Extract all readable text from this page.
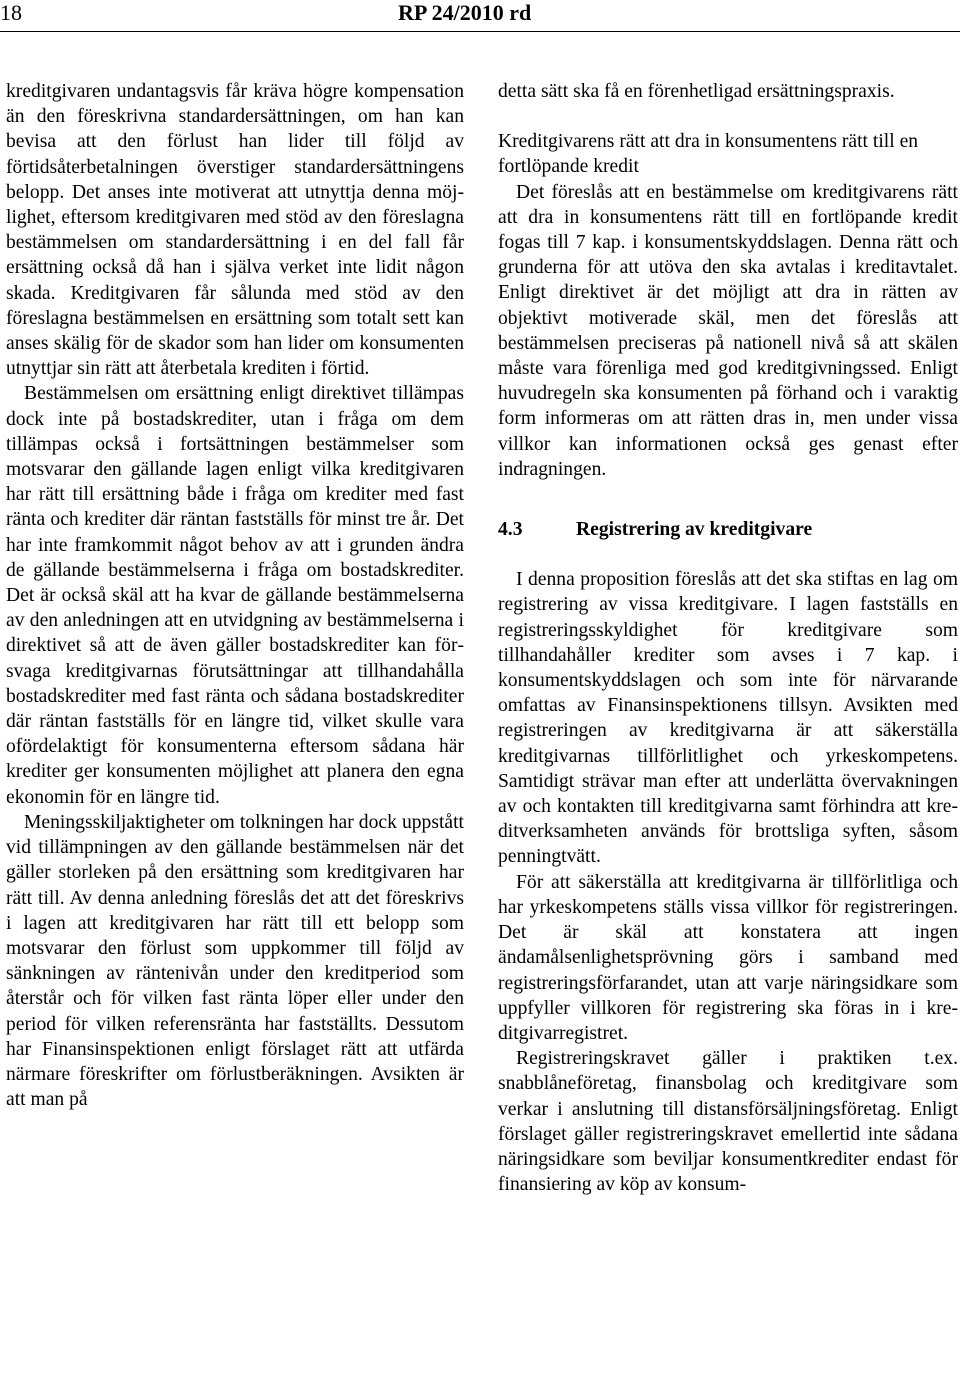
18	RP 24/2010 rd

kreditgivaren undantagsvis får kräva högre kompensation än den föreskrivna standardersättningen, om han kan bevisa att den förlust han lider till följd av förtidsåterbetalningen överstiger standardersättningens belopp. Det anses inte motiverat att utnyttja denna möjlighet, eftersom kreditgivaren med stöd av den föreslagna bestämmelsen om standardersättning i en del fall får ersättning också då han i själva verket inte lidit någon skada. Kreditgivaren får sålunda med stöd av den föreslagna bestämmelsen en ersättning som totalt sett kan anses skälig för de skador som han lider om konsumenten utnyttjar sin rätt att återbetala krediten i förtid.

Bestämmelsen om ersättning enligt direktivet tillämpas dock inte på bostadskrediter, utan i fråga om dem tillämpas också i fortsättningen bestämmelser som motsvarar den gällande lagen enligt vilka kreditgivaren har rätt till ersättning både i fråga om krediter med fast ränta och krediter där räntan fastställs för minst tre år. Det har inte framkommit något behov av att i grunden ändra de gällande bestämmelserna i fråga om bostadskrediter. Det är också skäl att ha kvar de gällande bestämmelserna av den anledningen att en utvidgning av bestämmelserna i direktivet så att de även gäller bostadskrediter kan försvaga kreditgivarnas förutsättningar att tillhandahålla bostadskrediter med fast ränta och sådana bostadskrediter där räntan fastställs för en längre tid, vilket skulle vara ofördelaktigt för konsumenterna eftersom sådana här krediter ger konsumenten möjlighet att planera den egna ekonomin för en längre tid.

Meningsskiljaktigheter om tolkningen har dock uppstått vid tillämpningen av den gällande bestämmelsen när det gäller storleken på den ersättning som kreditgivaren har rätt till. Av denna anledning föreslås det att det föreskrivs i lagen att kreditgivaren har rätt till ett belopp som motsvarar den förlust som uppkommer till följd av sänkningen av räntenivån under den kreditperiod som återstår och för vilken fast ränta löper eller under den period för vilken referensränta har fastställts. Dessutom har Finansinspektionen enligt förslaget rätt att utfärda närmare föreskrifter om förlustberäkningen. Avsikten är att man på

detta sätt ska få en förenhetligad ersättningspraxis.

Kreditgivarens rätt att dra in konsumentens rätt till en fortlöpande kredit

Det föreslås att en bestämmelse om kreditgivarens rätt att dra in konsumentens rätt till en fortlöpande kredit fogas till 7 kap. i konsumentskyddslagen. Denna rätt och grunderna för att utöva den ska avtalas i kreditavtalet. Enligt direktivet är det möjligt att dra in rätten av objektivt motiverade skäl, men det föreslås att bestämmelsen preciseras på nationell nivå så att skälen måste vara förenliga med god kreditgivningssed. Enligt huvudregeln ska konsumenten på förhand och i varaktig form informeras om att rätten dras in, men under vissa villkor kan informationen också ges genast efter indragningen.

4.3	Registrering av kreditgivare

I denna proposition föreslås att det ska stiftas en lag om registrering av vissa kreditgivare. I lagen fastställs en registreringsskyldighet för kreditgivare som tillhandahåller krediter som avses i 7 kap. i konsumentskyddslagen och som inte för närvarande omfattas av Finansinspektionens tillsyn. Avsikten med registreringen av kreditgivarna är att säkerställa kreditgivarnas tillförlitlighet och yrkeskompetens. Samtidigt strävar man efter att underlätta övervakningen av och kontakten till kreditgivarna samt förhindra att kreditverksamheten används för brottsliga syften, såsom penningtvätt.

För att säkerställa att kreditgivarna är tillförlitliga och har yrkeskompetens ställs vissa villkor för registreringen. Det är skäl att konstatera att ingen ändamålsenlighetsprövning görs i samband med registreringsförfarandet, utan att varje näringsidkare som uppfyller villkoren för registrering ska föras in i kreditgivarregistret.

Registreringskravet gäller i praktiken t.ex. snabblåneföretag, finansbolag och kreditgivare som verkar i anslutning till distansförsäljningsföretag. Enligt förslaget gäller registreringskravet emellertid inte sådana näringsidkare som beviljar konsumentkrediter endast för finansiering av köp av konsum-
